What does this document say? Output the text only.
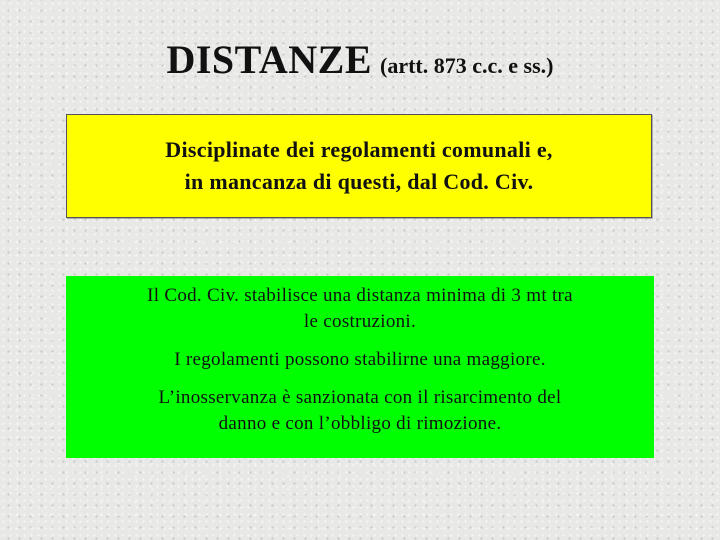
DISTANZE (artt. 873 c.c. e ss.)
Disciplinate dei regolamenti comunali e,
in mancanza di questi, dal Cod. Civ.

Il Cod. Civ. stabilisce una distanza minima di 3 mt tra
le costruzioni.

I regolamenti possono stabilirne una maggiore.

L’inosservanza è sanzionata con il risarcimento del
danno e con l’obbligo di rimozione.
